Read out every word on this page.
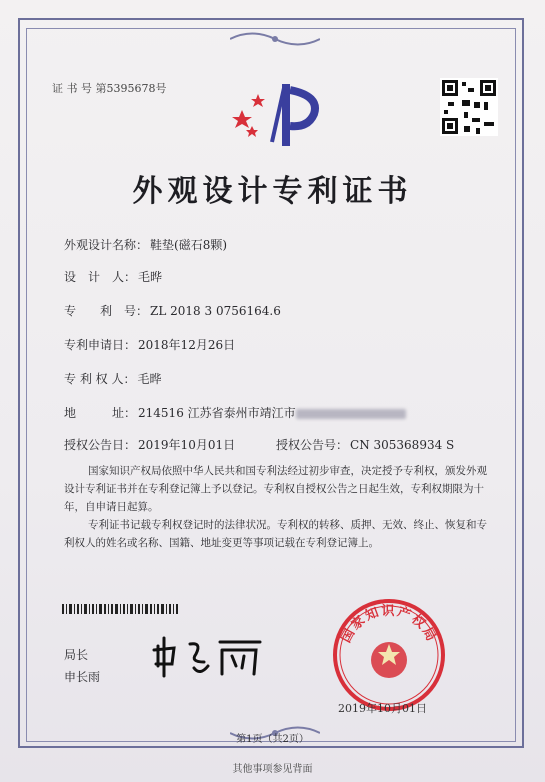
证 书 号 第5395678号
外观设计专利证书
外观设计名称： 鞋垫(磁石8颗)
设　计　人： 毛晔
专　　利　号： ZL 2018 3 0756164.6
专利申请日： 2018年12月26日
专 利 权 人： 毛晔
地　　　址： 214516 江苏省泰州市靖江市
授权公告日： 2019年10月01日	授权公告号： CN 305368934 S
国家知识产权局依照中华人民共和国专利法经过初步审查，决定授予专利权，颁发外观设计专利证书并在专利登记簿上予以登记。专利权自授权公告之日起生效，专利权期限为十年，自申请日起算。
专利证书记载专利权登记时的法律状况。专利权的转移、质押、无效、终止、恢复和专利权人的姓名或名称、国籍、地址变更等事项记载在专利登记簿上。
局长
申长雨
国家知识产权局
2019年10月01日
第1页（共2页）
其他事项参见背面
